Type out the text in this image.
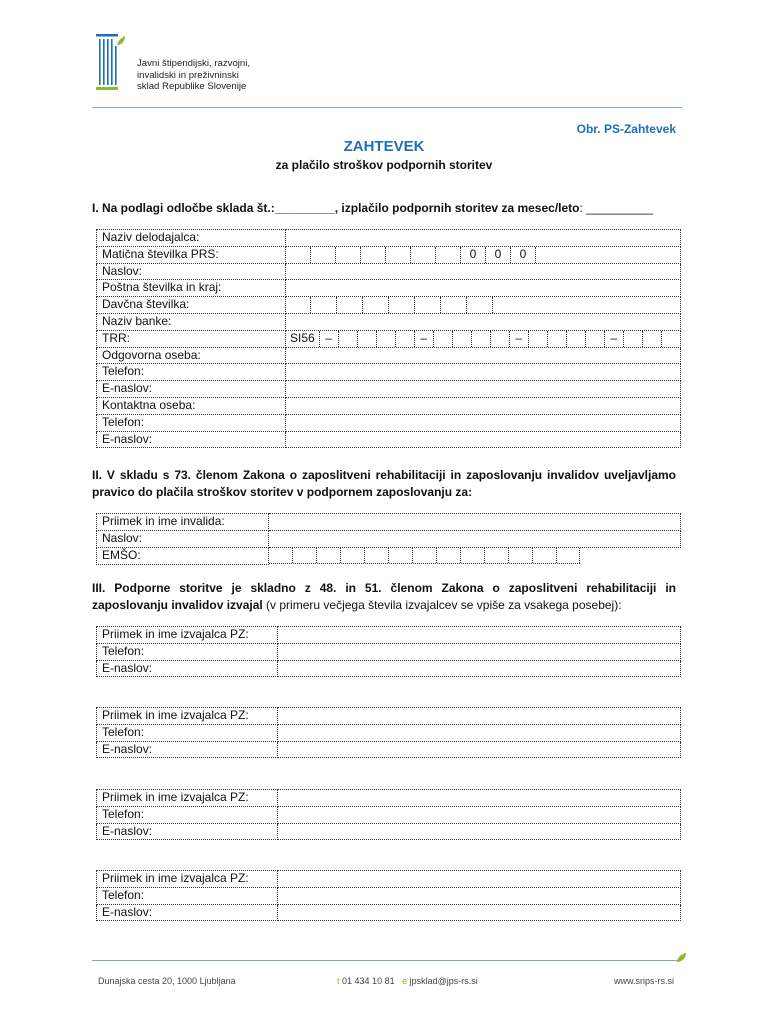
Javni štipendijski, razvojni,
invalidski in preživninski
sklad Republike Slovenije
Obr. PS-Zahtevek
ZAHTEVEK
za plačilo stroškov podpornih storitev
I. Na podlagi odločbe sklada št.:_________, izplačilo podpornih storitev za mesec/leto: __________
Naziv delodajalca:	
Matična številka PRS:	0 0 0

Naslov:	
Poštna številka in kraj:	
Davčna številka:	

Naziv banke:	
TRR:	SI56 – – – –

Odgovorna oseba:	
Telefon:	
E-naslov:	
Kontaktna oseba:	
Telefon:	
E-naslov:	
II. V skladu s 73. členom Zakona o zaposlitveni rehabilitaciji in zaposlovanju invalidov uveljavljamo pravico do plačila stroškov storitev v podpornem zaposlovanju za:
Priimek in ime invalida:	
Naslov:	
EMŠO:	
III. Podporne storitve je skladno z 48. in 51. členom Zakona o zaposlitveni rehabilitaciji in zaposlovanju invalidov izvajal (v primeru večjega števila izvajalcev se vpiše za vsakega posebej):
Priimek in ime izvajalca PZ:	
Telefon:	
E-naslov:	
Priimek in ime izvajalca PZ:	
Telefon:	
E-naslov:	
Priimek in ime izvajalca PZ:	
Telefon:	
E-naslov:	
Priimek in ime izvajalca PZ:	
Telefon:	
E-naslov:	
Dunajska cesta 20, 1000 Ljubljana	t 01 434 10 81 e jpsklad@jps-rs.si	www.srips-rs.si
